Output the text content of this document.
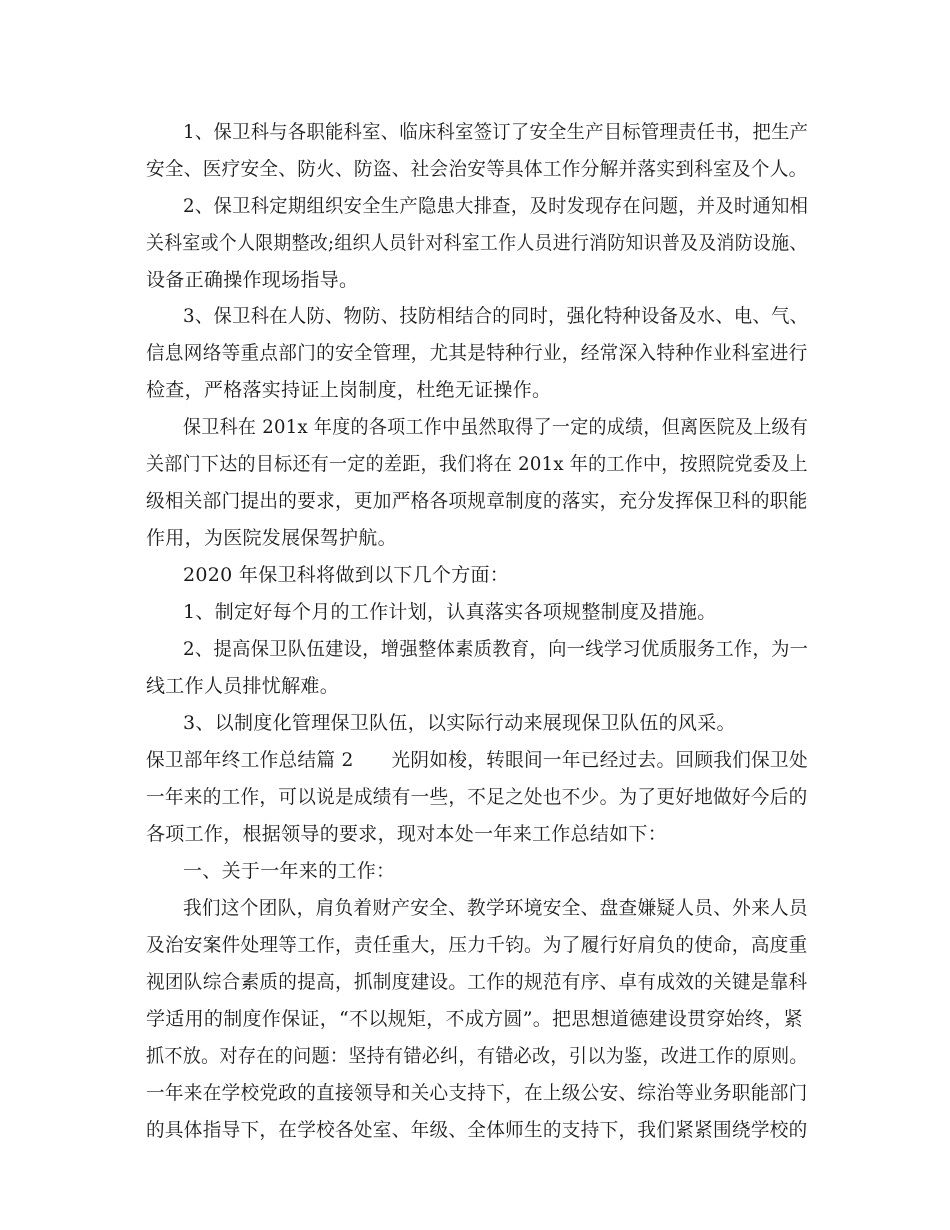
1、保卫科与各职能科室、临床科室签订了安全生产目标管理责任书，把生产
安全、医疗安全、防火、防盗、社会治安等具体工作分解并落实到科室及个人。
2、保卫科定期组织安全生产隐患大排查，及时发现存在问题，并及时通知相
关科室或个人限期整改;组织人员针对科室工作人员进行消防知识普及及消防设施、
设备正确操作现场指导。
3、保卫科在人防、物防、技防相结合的同时，强化特种设备及水、电、气、
信息网络等重点部门的安全管理，尤其是特种行业，经常深入特种作业科室进行
检查，严格落实持证上岗制度，杜绝无证操作。
保卫科在 201x 年度的各项工作中虽然取得了一定的成绩，但离医院及上级有
关部门下达的目标还有一定的差距，我们将在 201x 年的工作中，按照院党委及上
级相关部门提出的要求，更加严格各项规章制度的落实，充分发挥保卫科的职能
作用，为医院发展保驾护航。
2020 年保卫科将做到以下几个方面：
1、制定好每个月的工作计划，认真落实各项规整制度及措施。
2、提高保卫队伍建设，增强整体素质教育，向一线学习优质服务工作，为一
线工作人员排忧解难。
3、以制度化管理保卫队伍，以实际行动来展现保卫队伍的风采。
保卫部年终工作总结篇 2　　光阴如梭，转眼间一年已经过去。回顾我们保卫处
一年来的工作，可以说是成绩有一些，不足之处也不少。为了更好地做好今后的
各项工作，根据领导的要求，现对本处一年来工作总结如下：
一、关于一年来的工作：
我们这个团队，肩负着财产安全、教学环境安全、盘查嫌疑人员、外来人员
及治安案件处理等工作，责任重大，压力千钧。为了履行好肩负的使命，高度重
视团队综合素质的提高，抓制度建设。工作的规范有序、卓有成效的关键是靠科
学适用的制度作保证，“不以规矩，不成方圆”。把思想道德建设贯穿始终，紧
抓不放。对存在的问题：坚持有错必纠，有错必改，引以为鉴，改进工作的原则。
一年来在学校党政的直接领导和关心支持下，在上级公安、综治等业务职能部门
的具体指导下，在学校各处室、年级、全体师生的支持下，我们紧紧围绕学校的
